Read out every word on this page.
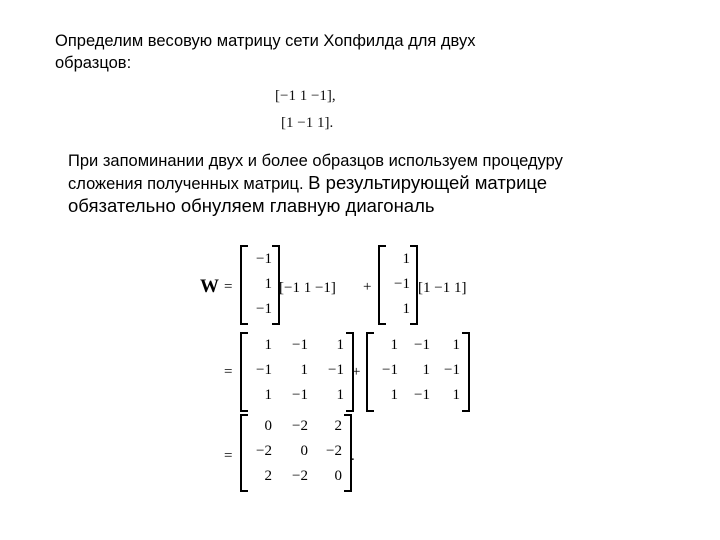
Определим весовую матрицу сети Хопфилда для двух
образцов:
[−1 1 −1],
[1 −1 1].
При запоминании двух и более образцов используем процедуру
сложения полученных матриц. В результирующей матрице
обязательно обнуляем главную диагональ
W =
−1
1
−1
[−1 1 −1] +
1
−1
1
[1 −1 1]
=
1	−1	1
−1	1	−1
1	−1	1
+
1	−1	1
−1	1 −1
1	−1	1
=
0	−2	2
−2	0	−2
2	−2	0
.
